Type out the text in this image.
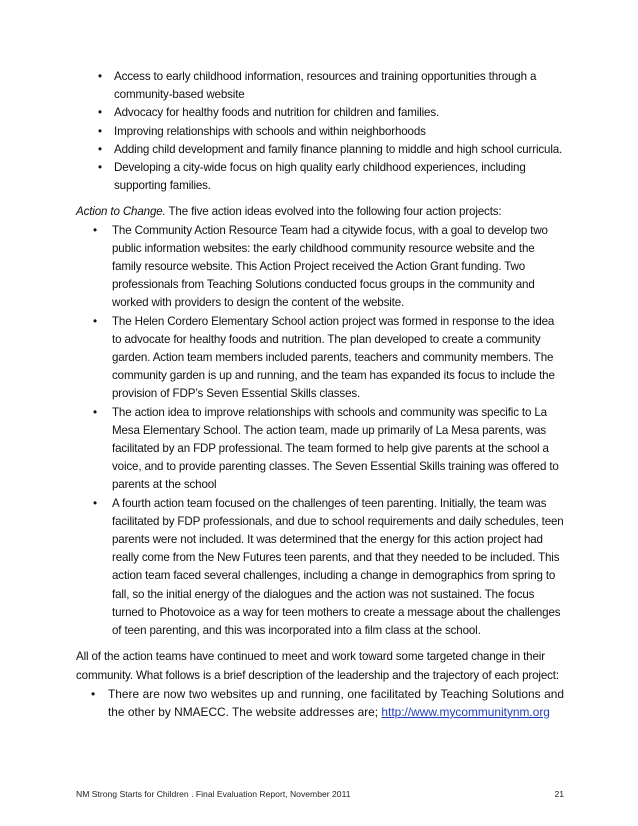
• Access to early childhood information, resources and training opportunities through a community-based website
• Advocacy for healthy foods and nutrition for children and families.
• Improving relationships with schools and within neighborhoods
• Adding child development and family finance planning to middle and high school curricula.
• Developing a city-wide focus on high quality early childhood experiences, including supporting families.

Action to Change. The five action ideas evolved into the following four action projects:

• The Community Action Resource Team had a citywide focus, with a goal to develop two public information websites: the early childhood community resource website and the family resource website. This Action Project received the Action Grant funding. Two professionals from Teaching Solutions conducted focus groups in the community and worked with providers to design the content of the website.
• The Helen Cordero Elementary School action project was formed in response to the idea to advocate for healthy foods and nutrition. The plan developed to create a community garden. Action team members included parents, teachers and community members. The community garden is up and running, and the team has expanded its focus to include the provision of FDP’s Seven Essential Skills classes.
• The action idea to improve relationships with schools and community was specific to La Mesa Elementary School. The action team, made up primarily of La Mesa parents, was facilitated by an FDP professional. The team formed to help give parents at the school a voice, and to provide parenting classes. The Seven Essential Skills training was offered to parents at the school
• A fourth action team focused on the challenges of teen parenting. Initially, the team was facilitated by FDP professionals, and due to school requirements and daily schedules, teen parents were not included. It was determined that the energy for this action project had really come from the New Futures teen parents, and that they needed to be included. This action team faced several challenges, including a change in demographics from spring to fall, so the initial energy of the dialogues and the action was not sustained. The focus turned to Photovoice as a way for teen mothers to create a message about the challenges of teen parenting, and this was incorporated into a film class at the school.

All of the action teams have continued to meet and work toward some targeted change in their community. What follows is a brief description of the leadership and the trajectory of each project:

• There are now two websites up and running, one facilitated by Teaching Solutions and the other by NMAECC. The website addresses are; http://www.mycommunitynm.org
NM Strong Starts for Children . Final Evaluation Report, November 2011	21
